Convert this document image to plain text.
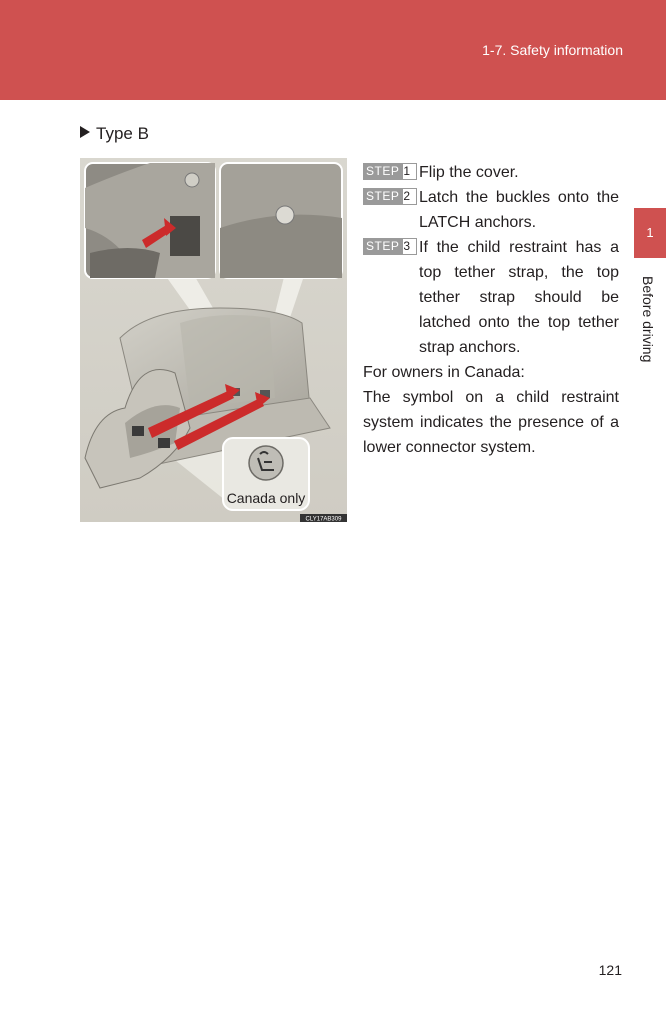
1-7. Safety information
1
Before driving
Type B
Canada only
CLY17AB309
STEP 1 Flip the cover.
STEP 2 Latch the buckles onto the LATCH anchors.
STEP 3 If the child restraint has a top tether strap, the top tether strap should be latched onto the top tether strap anchors.
For owners in Canada:
The symbol on a child restraint system indicates the presence of a lower connector system.
121
